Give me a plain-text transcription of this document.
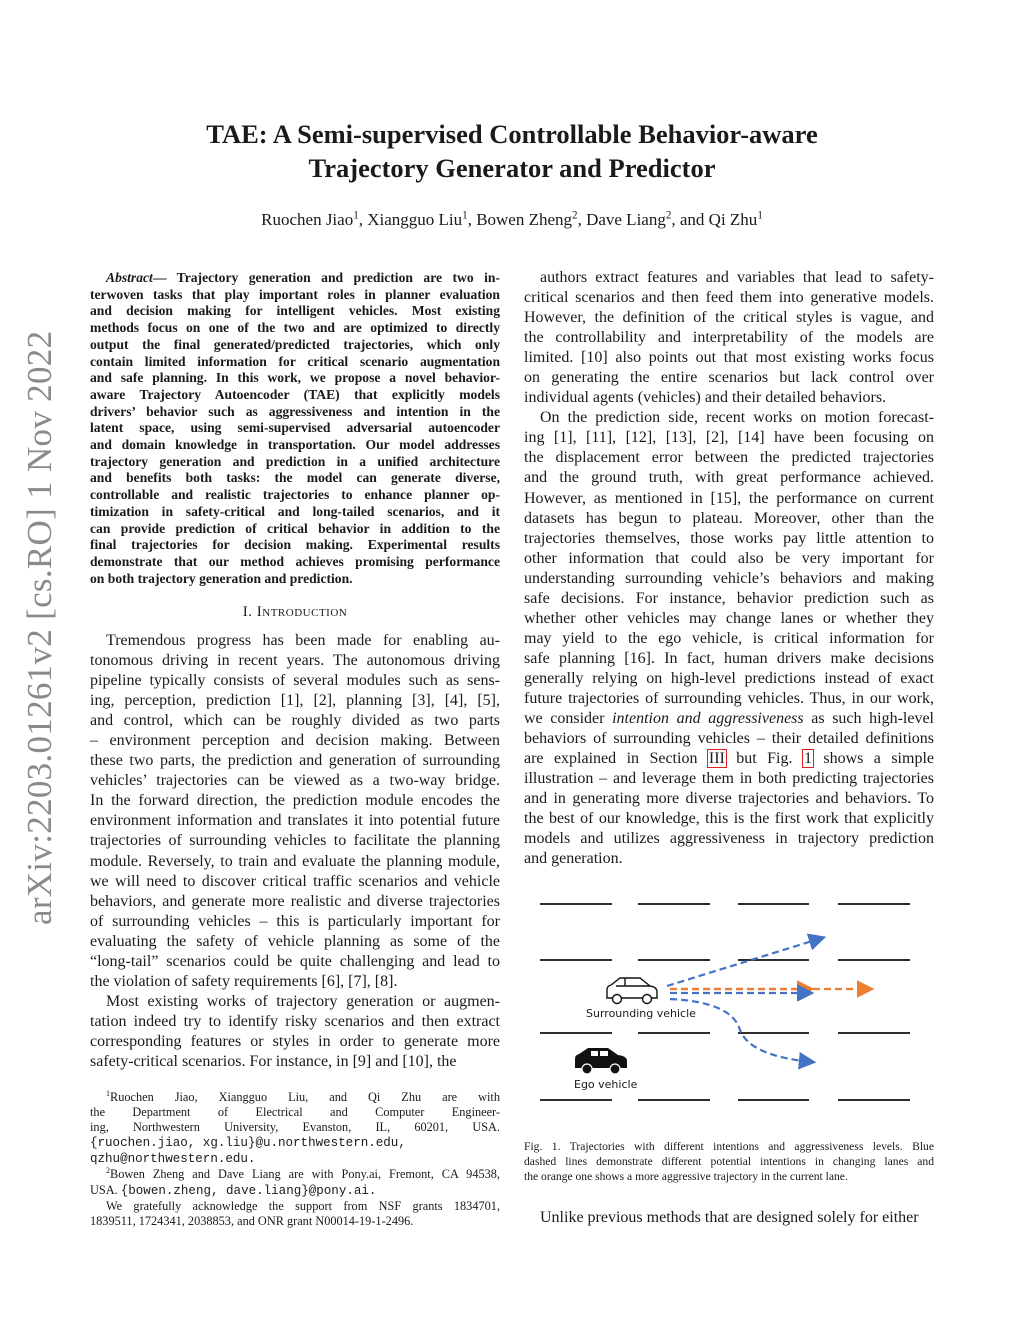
arXiv:2203.01261v2 [cs.RO] 1 Nov 2022
TAE: A Semi-supervised Controllable Behavior-aware
Trajectory Generator and Predictor
Ruochen Jiao$^1$, Xiangguo Liu$^1$, Bowen Zheng$^2$, Dave Liang$^2$, and Qi Zhu$^1$
Abstract— Trajectory generation and prediction are two in-
terwoven tasks that play important roles in planner evaluation
and decision making for intelligent vehicles. Most existing
methods focus on one of the two and are optimized to directly
output the final generated/predicted trajectories, which only
contain limited information for critical scenario augmentation
and safe planning. In this work, we propose a novel behavior-
aware Trajectory Autoencoder (TAE) that explicitly models
drivers’ behavior such as aggressiveness and intention in the
latent space, using semi-supervised adversarial autoencoder
and domain knowledge in transportation. Our model addresses
trajectory generation and prediction in a unified architecture
and benefits both tasks: the model can generate diverse,
controllable and realistic trajectories to enhance planner op-
timization in safety-critical and long-tailed scenarios, and it
can provide prediction of critical behavior in addition to the
final trajectories for decision making. Experimental results
demonstrate that our method achieves promising performance
on both trajectory generation and prediction.
I. Introduction
Tremendous progress has been made for enabling au-
tonomous driving in recent years. The autonomous driving
pipeline typically consists of several modules such as sens-
ing, perception, prediction [1], [2], planning [3], [4], [5],
and control, which can be roughly divided as two parts
– environment perception and decision making. Between
these two parts, the prediction and generation of surrounding
vehicles’ trajectories can be viewed as a two-way bridge.
In the forward direction, the prediction module encodes the
environment information and translates it into potential future
trajectories of surrounding vehicles to facilitate the planning
module. Reversely, to train and evaluate the planning module,
we will need to discover critical traffic scenarios and vehicle
behaviors, and generate more realistic and diverse trajectories
of surrounding vehicles – this is particularly important for
evaluating the safety of vehicle planning as some of the
“long-tail” scenarios could be quite challenging and lead to
the violation of safety requirements [6], [7], [8].
Most existing works of trajectory generation or augmen-
tation indeed try to identify risky scenarios and then extract
corresponding features or styles in order to generate more
safety-critical scenarios. For instance, in [9] and [10], the
$^1$Ruochen Jiao, Xiangguo Liu, and Qi Zhu are with
the Department of Electrical and Computer Engineer-
ing, Northwestern University, Evanston, IL, 60201, USA.
{ruochen.jiao, xg.liu}@u.northwestern.edu,
qzhu@northwestern.edu.
$^2$Bowen Zheng and Dave Liang are with Pony.ai, Fremont, CA 94538,
USA. {bowen.zheng, dave.liang}@pony.ai.
We gratefully acknowledge the support from NSF grants 1834701,
1839511, 1724341, 2038853, and ONR grant N00014-19-1-2496.
authors extract features and variables that lead to safety-
critical scenarios and then feed them into generative models.
However, the definition of the critical styles is vague, and
the controllability and interpretability of the models are
limited. [10] also points out that most existing works focus
on generating the entire scenarios but lack control over
individual agents (vehicles) and their detailed behaviors.
On the prediction side, recent works on motion forecast-
ing [1], [11], [12], [13], [2], [14] have been focusing on
the displacement error between the predicted trajectories
and the ground truth, with great performance achieved.
However, as mentioned in [15], the performance on current
datasets has begun to plateau. Moreover, other than the
trajectories themselves, those works pay little attention to
other information that could also be very important for
understanding surrounding vehicle’s behaviors and making
safe decisions. For instance, behavior prediction such as
whether other vehicles may change lanes or whether they
may yield to the ego vehicle, is critical information for
safe planning [16]. In fact, human drivers make decisions
generally relying on high-level predictions instead of exact
future trajectories of surrounding vehicles. Thus, in our work,
we consider intention and aggressiveness as such high-level
behaviors of surrounding vehicles – their detailed definitions
are explained in Section III but Fig. 1 shows a simple
illustration – and leverage them in both predicting trajectories
and in generating more diverse trajectories and behaviors. To
the best of our knowledge, this is the first work that explicitly
models and utilizes aggressiveness in trajectory prediction
and generation.
Surrounding vehicle
Ego vehicle
Fig. 1. Trajectories with different intentions and aggressiveness levels. Blue
dashed lines demonstrate different potential intentions in changing lanes and
the orange one shows a more aggressive trajectory in the current lane.
Unlike previous methods that are designed solely for either
